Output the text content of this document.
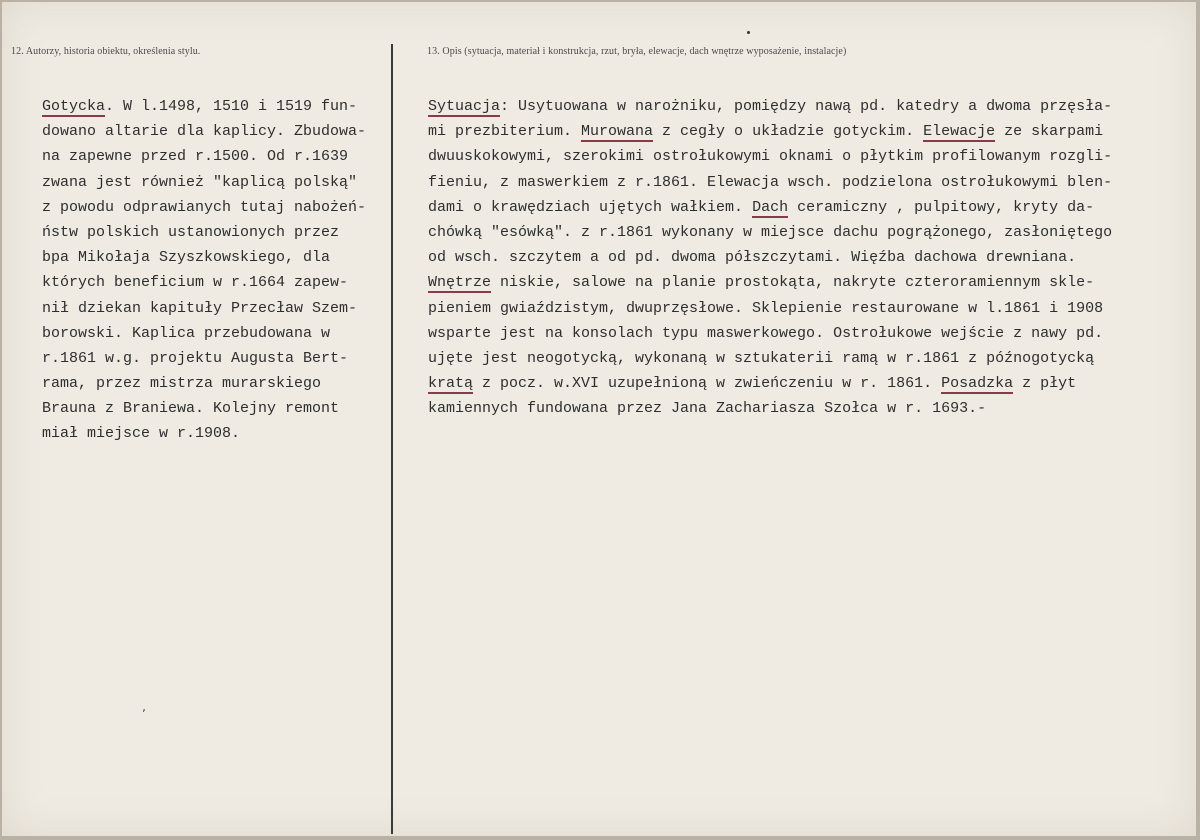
12. Autorzy, historia obiektu, określenia stylu.	13. Opis (sytuacja, materiał i konstrukcja, rzut, bryła, elewacje, dach wnętrze wyposażenie, instalacje)
Gotycka. W l.1498, 1510 i 1519 fun-
dowano altarie dla kaplicy. Zbudowa-
na zapewne przed r.1500. Od r.1639
zwana jest również "kaplicą polską"
z powodu odprawianych tutaj nabożeń-
ństw polskich ustanowionych przez
bpa Mikołaja Szyszkowskiego, dla
których beneficium w r.1664 zapew-
nił dziekan kapituły Przecław Szem-
borowski. Kaplica przebudowana w
r.1861 w.g. projektu Augusta Bert-
rama, przez mistrza murarskiego
Brauna z Braniewa. Kolejny remont
miał miejsce w r.1908.
Sytuacja: Usytuowana w narożniku, pomiędzy nawą pd. katedry a dwoma przęsła-
mi prezbiterium. Murowana z cegły o układzie gotyckim. Elewacje ze skarpami
dwuuskokowymi, szerokimi ostrołukowymi oknami o płytkim profilowanym rozgli-
fieniu, z maswerkiem z r.1861. Elewacja wsch. podzielona ostrołukowymi blen-
dami o krawędziach ujętych wałkiem. Dach ceramiczny , pulpitowy, kryty da-
chówką "esówką". z r.1861 wykonany w miejsce dachu pogrążonego, zasłoniętego
od wsch. szczytem a od pd. dwoma półszczytami. Więźba dachowa drewniana.
Wnętrze niskie, salowe na planie prostokąta, nakryte czteroramiennym skle-
pieniem gwiaździstym, dwuprzęsłowe. Sklepienie restaurowane w l.1861 i 1908
wsparte jest na konsolach typu maswerkowego. Ostrołukowe wejście z nawy pd.
ujęte jest neogotycką, wykonaną w sztukaterii ramą w r.1861 z późnogotycką
kratą z pocz. w.XVI uzupełnioną w zwieńczeniu w r. 1861. Posadzka z płyt
kamiennych fundowana przez Jana Zachariasza Szołca w r. 1693.-
ʼ
